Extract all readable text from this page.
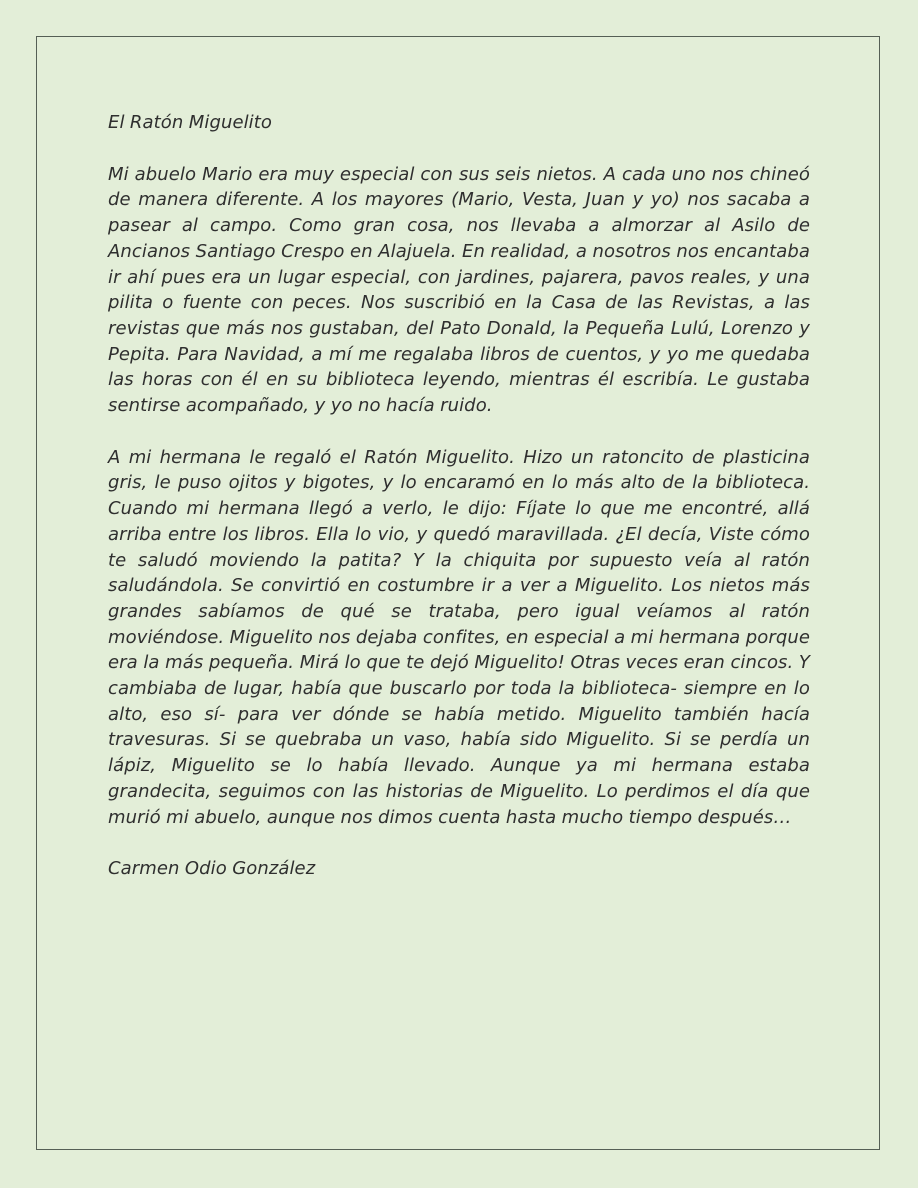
El Ratón Miguelito

Mi abuelo Mario era muy especial con sus seis nietos. A cada uno nos chineó de manera diferente. A los mayores (Mario, Vesta, Juan y yo) nos sacaba a pasear al campo. Como gran cosa, nos llevaba a almorzar al Asilo de Ancianos Santiago Crespo en Alajuela. En realidad, a nosotros nos encantaba ir ahí pues era un lugar especial, con jardines, pajarera, pavos reales, y una pilita o fuente con peces. Nos suscribió en la Casa de las Revistas, a las revistas que más nos gustaban, del Pato Donald, la Pequeña Lulú, Lorenzo y Pepita. Para Navidad, a mí me regalaba libros de cuentos, y yo me quedaba las horas con él en su biblioteca leyendo, mientras él escribía. Le gustaba sentirse acompañado, y yo no hacía ruido.

A mi hermana le regaló el Ratón Miguelito. Hizo un ratoncito de plasticina gris, le puso ojitos y bigotes, y lo encaramó en lo más alto de la biblioteca. Cuando mi hermana llegó a verlo, le dijo: Fíjate lo que me encontré, allá arriba entre los libros. Ella lo vio, y quedó maravillada. ¿El decía, Viste cómo te saludó moviendo la patita? Y la chiquita por supuesto veía al ratón saludándola. Se convirtió en costumbre ir a ver a Miguelito. Los nietos más grandes sabíamos de qué se trataba, pero igual veíamos al ratón moviéndose. Miguelito nos dejaba confites, en especial a mi hermana porque era la más pequeña. Mirá lo que te dejó Miguelito! Otras veces eran cincos. Y cambiaba de lugar, había que buscarlo por toda la biblioteca- siempre en lo alto, eso sí- para ver dónde se había metido. Miguelito también hacía travesuras. Si se quebraba un vaso, había sido Miguelito. Si se perdía un lápiz, Miguelito se lo había llevado. Aunque ya mi hermana estaba grandecita, seguimos con las historias de Miguelito. Lo perdimos el día que murió mi abuelo, aunque nos dimos cuenta hasta mucho tiempo después…

Carmen Odio González
